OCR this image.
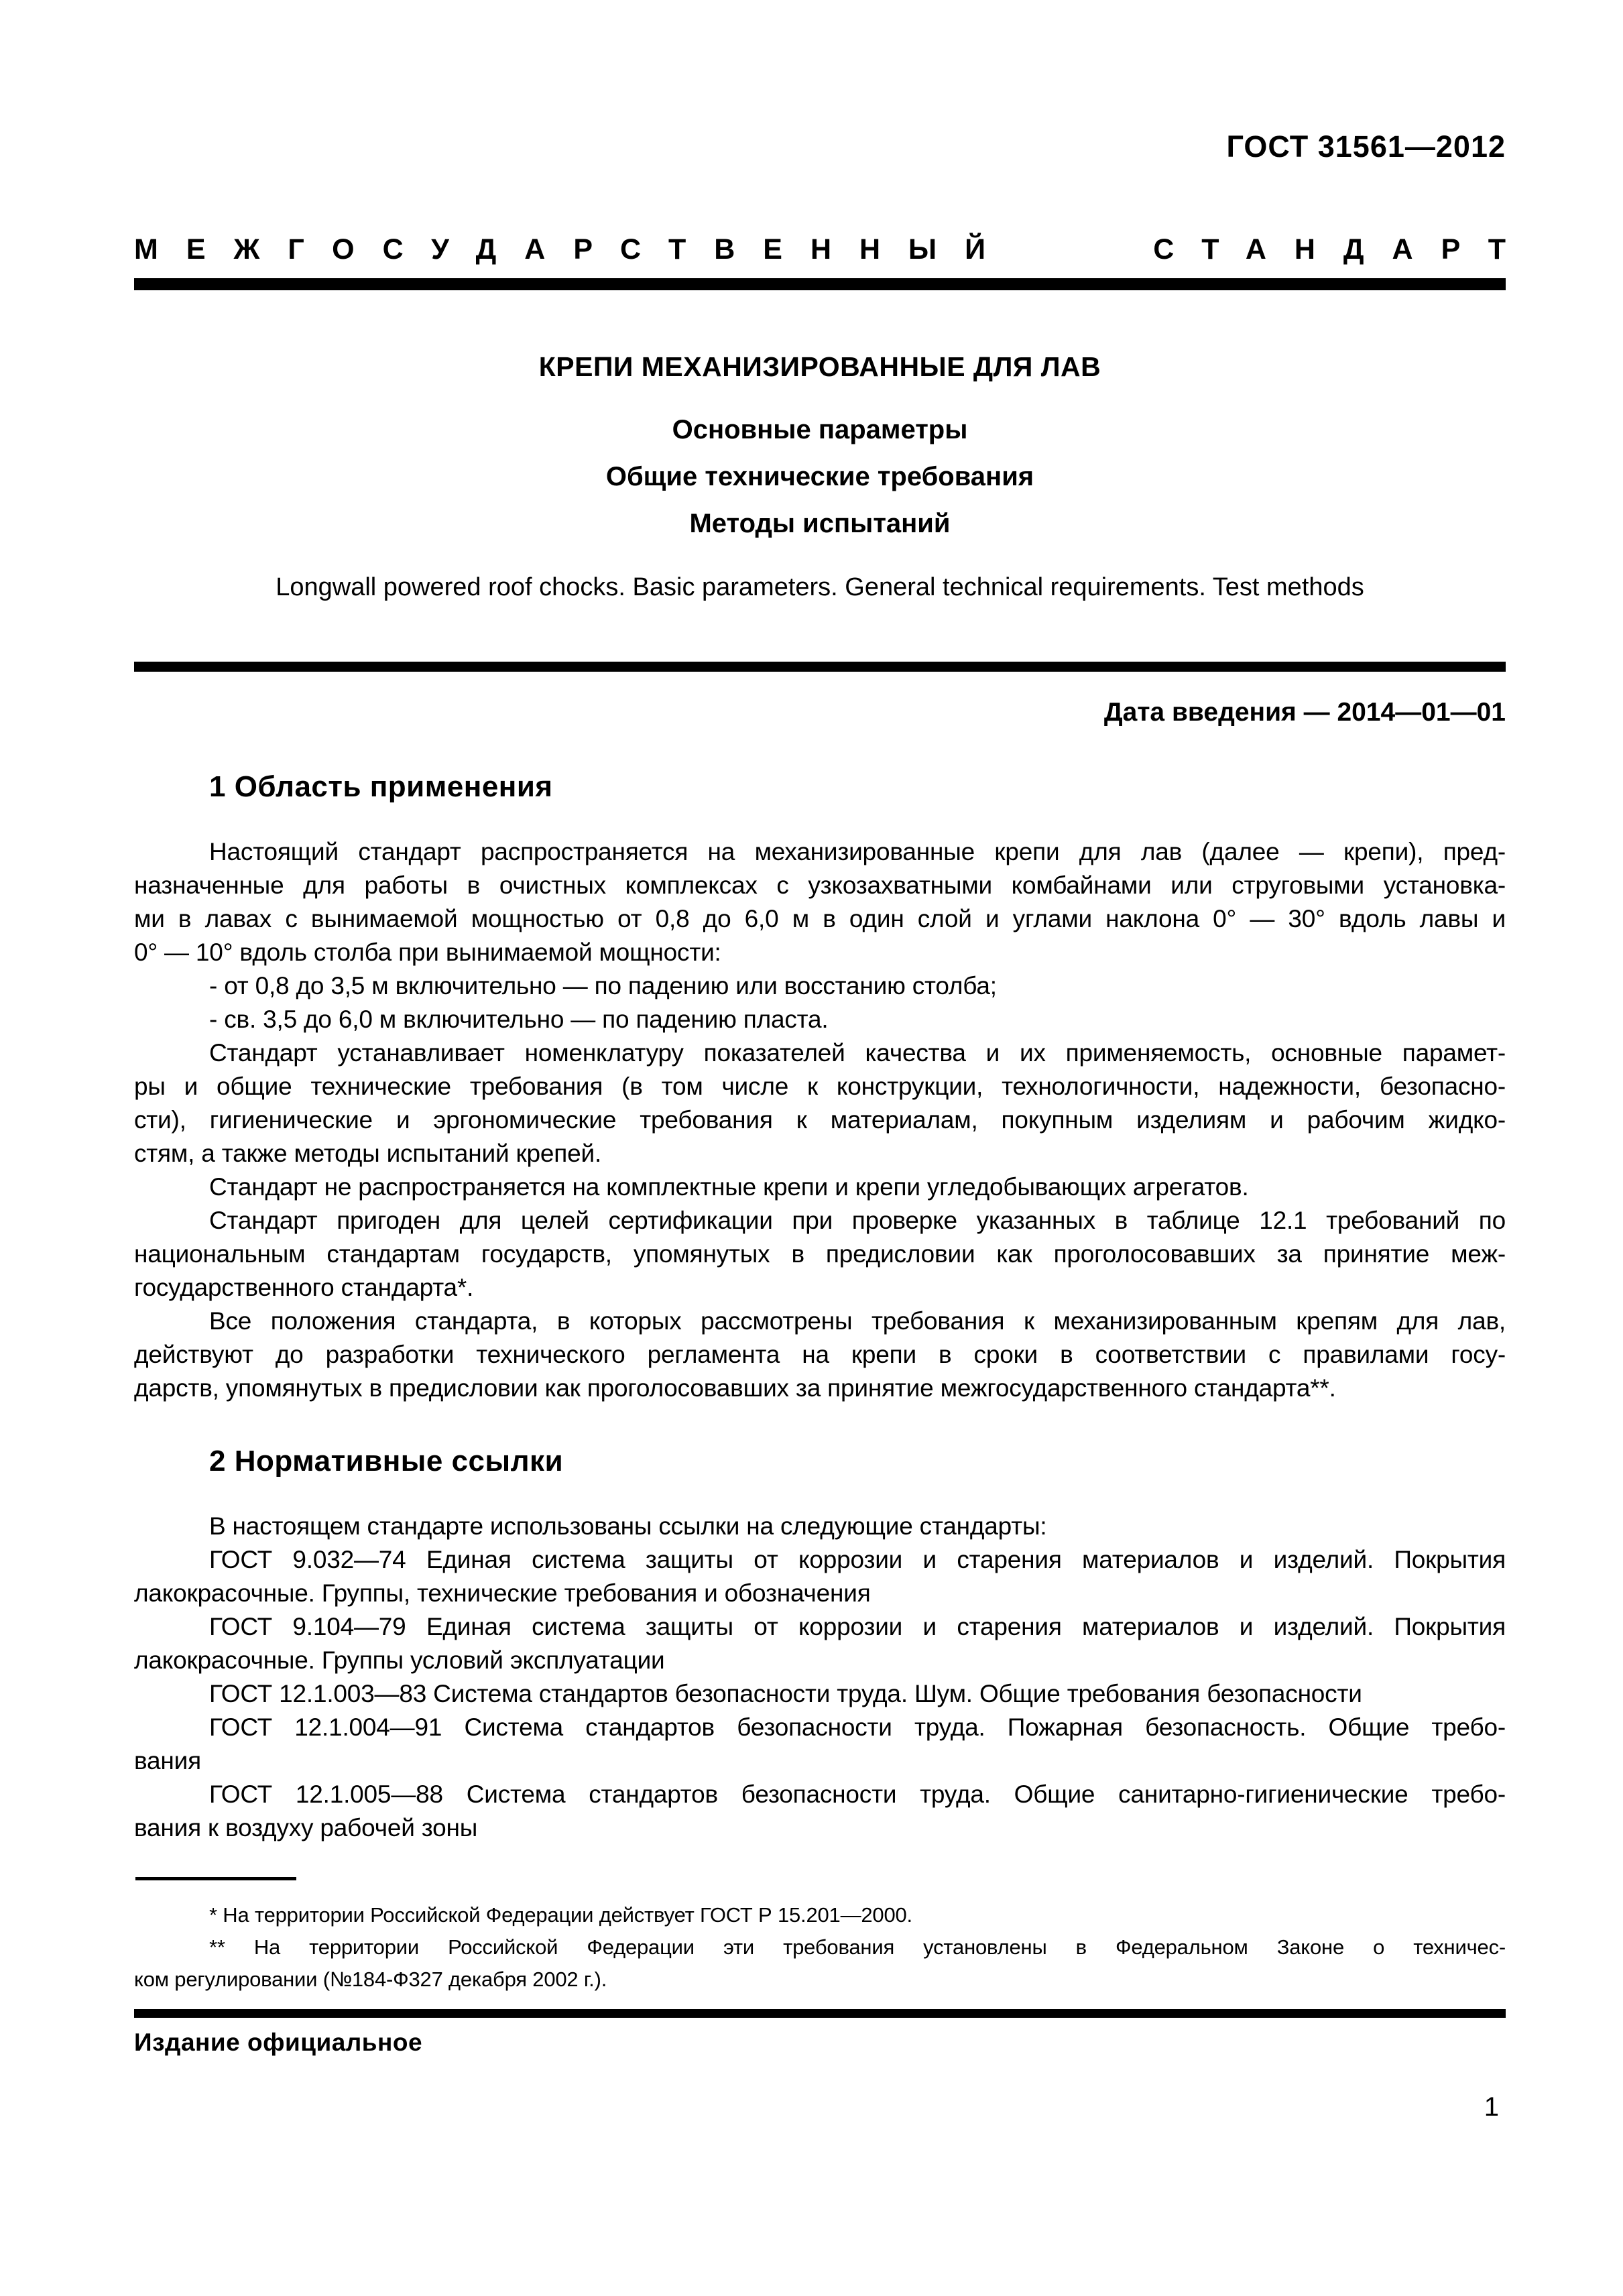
ГОСТ 31561—2012
МЕЖГОСУДАРСТВЕННЫЙ	СТАНДАРТ
КРЕПИ МЕХАНИЗИРОВАННЫЕ ДЛЯ ЛАВ
Основные параметры
Общие технические требования
Методы испытаний
Longwall powered roof chocks. Basic parameters. General technical requirements. Test methods
Дата введения — 2014—01—01
1 Область применения
Настоящий стандарт распространяется на механизированные крепи для лав (далее — крепи), пред-
назначенные для работы в очистных комплексах с узкозахватными комбайнами или струговыми установка-
ми в лавах с вынимаемой мощностью от 0,8 до 6,0 м в один слой и углами наклона 0° — 30° вдоль лавы и
0° — 10° вдоль столба при вынимаемой мощности:
- от 0,8 до 3,5 м включительно — по падению или восстанию столба;
- св. 3,5 до 6,0 м включительно — по падению пласта.
Стандарт устанавливает номенклатуру показателей качества и их применяемость, основные парамет-
ры и общие технические требования (в том числе к конструкции, технологичности, надежности, безопасно-
сти), гигиенические и эргономические требования к материалам, покупным изделиям и рабочим жидко-
стям, а также методы испытаний крепей.
Стандарт не распространяется на комплектные крепи и крепи угледобывающих агрегатов.
Стандарт пригоден для целей сертификации при проверке указанных в таблице 12.1 требований по
национальным стандартам государств, упомянутых в предисловии как проголосовавших за принятие меж-
государственного стандарта*.
Все положения стандарта, в которых рассмотрены требования к механизированным крепям для лав,
действуют до разработки технического регламента на крепи в сроки в соответствии с правилами госу-
дарств, упомянутых в предисловии как проголосовавших за принятие межгосударственного стандарта**.
2 Нормативные ссылки
В настоящем стандарте использованы ссылки на следующие стандарты:
ГОСТ 9.032—74 Единая система защиты от коррозии и старения материалов и изделий. Покрытия
лакокрасочные. Группы, технические требования и обозначения
ГОСТ 9.104—79 Единая система защиты от коррозии и старения материалов и изделий. Покрытия
лакокрасочные. Группы условий эксплуатации
ГОСТ 12.1.003—83 Система стандартов безопасности труда. Шум. Общие требования безопасности
ГОСТ 12.1.004—91 Система стандартов безопасности труда. Пожарная безопасность. Общие требо-
вания
ГОСТ 12.1.005—88 Система стандартов безопасности труда. Общие санитарно-гигиенические требо-
вания к воздуху рабочей зоны
* На территории Российской Федерации действует ГОСТ Р 15.201—2000.
** На территории Российской Федерации эти требования установлены в Федеральном Законе о техничес-
ком регулировании (№184-Ф327 декабря 2002 г.).
Издание официальное
1
